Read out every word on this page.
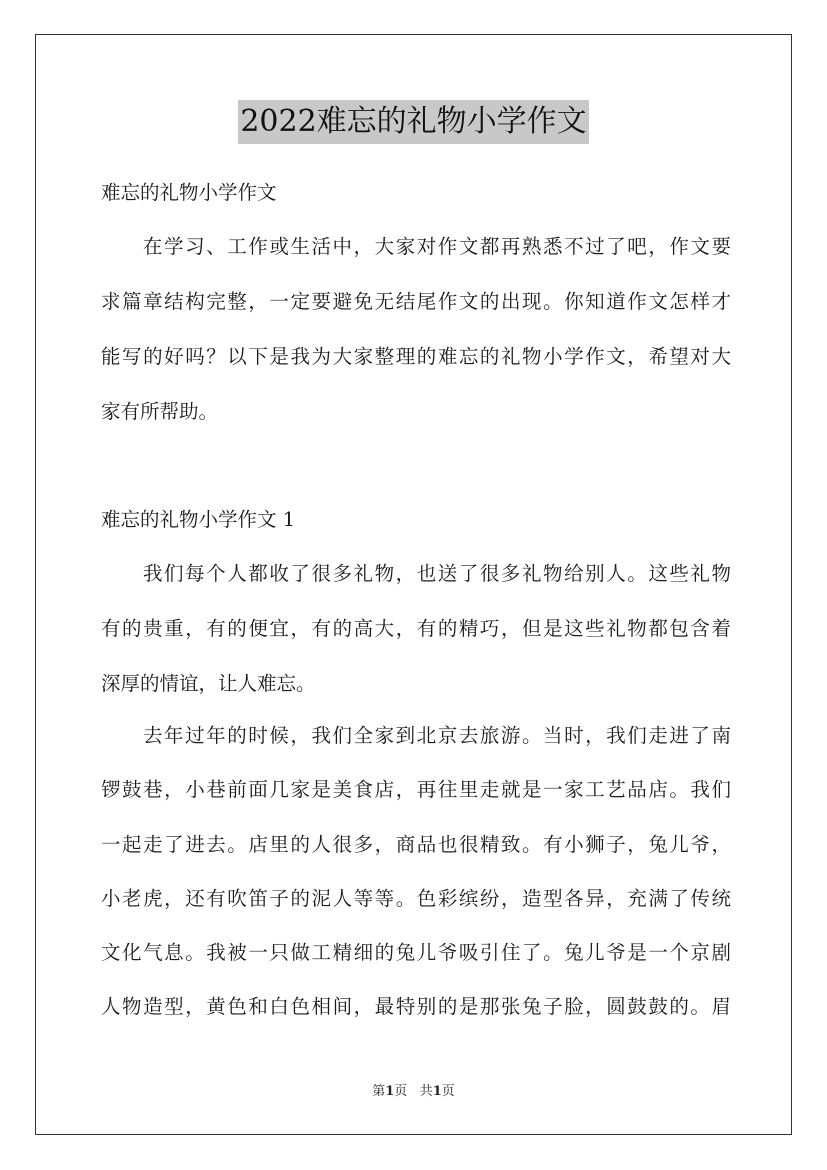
2022难忘的礼物小学作文
难忘的礼物小学作文
在学习、工作或生活中，大家对作文都再熟悉不过了吧，作文要
求篇章结构完整，一定要避免无结尾作文的出现。你知道作文怎样才
能写的好吗？以下是我为大家整理的难忘的礼物小学作文，希望对大
家有所帮助。
难忘的礼物小学作文 1
我们每个人都收了很多礼物，也送了很多礼物给别人。这些礼物
有的贵重，有的便宜，有的高大，有的精巧，但是这些礼物都包含着
深厚的情谊，让人难忘。
去年过年的时候，我们全家到北京去旅游。当时，我们走进了南
锣鼓巷，小巷前面几家是美食店，再往里走就是一家工艺品店。我们
一起走了进去。店里的人很多，商品也很精致。有小狮子，兔儿爷，
小老虎，还有吹笛子的泥人等等。色彩缤纷，造型各异，充满了传统
文化气息。我被一只做工精细的兔儿爷吸引住了。兔儿爷是一个京剧
人物造型，黄色和白色相间，最特别的是那张兔子脸，圆鼓鼓的。眉
第1页 共1页
